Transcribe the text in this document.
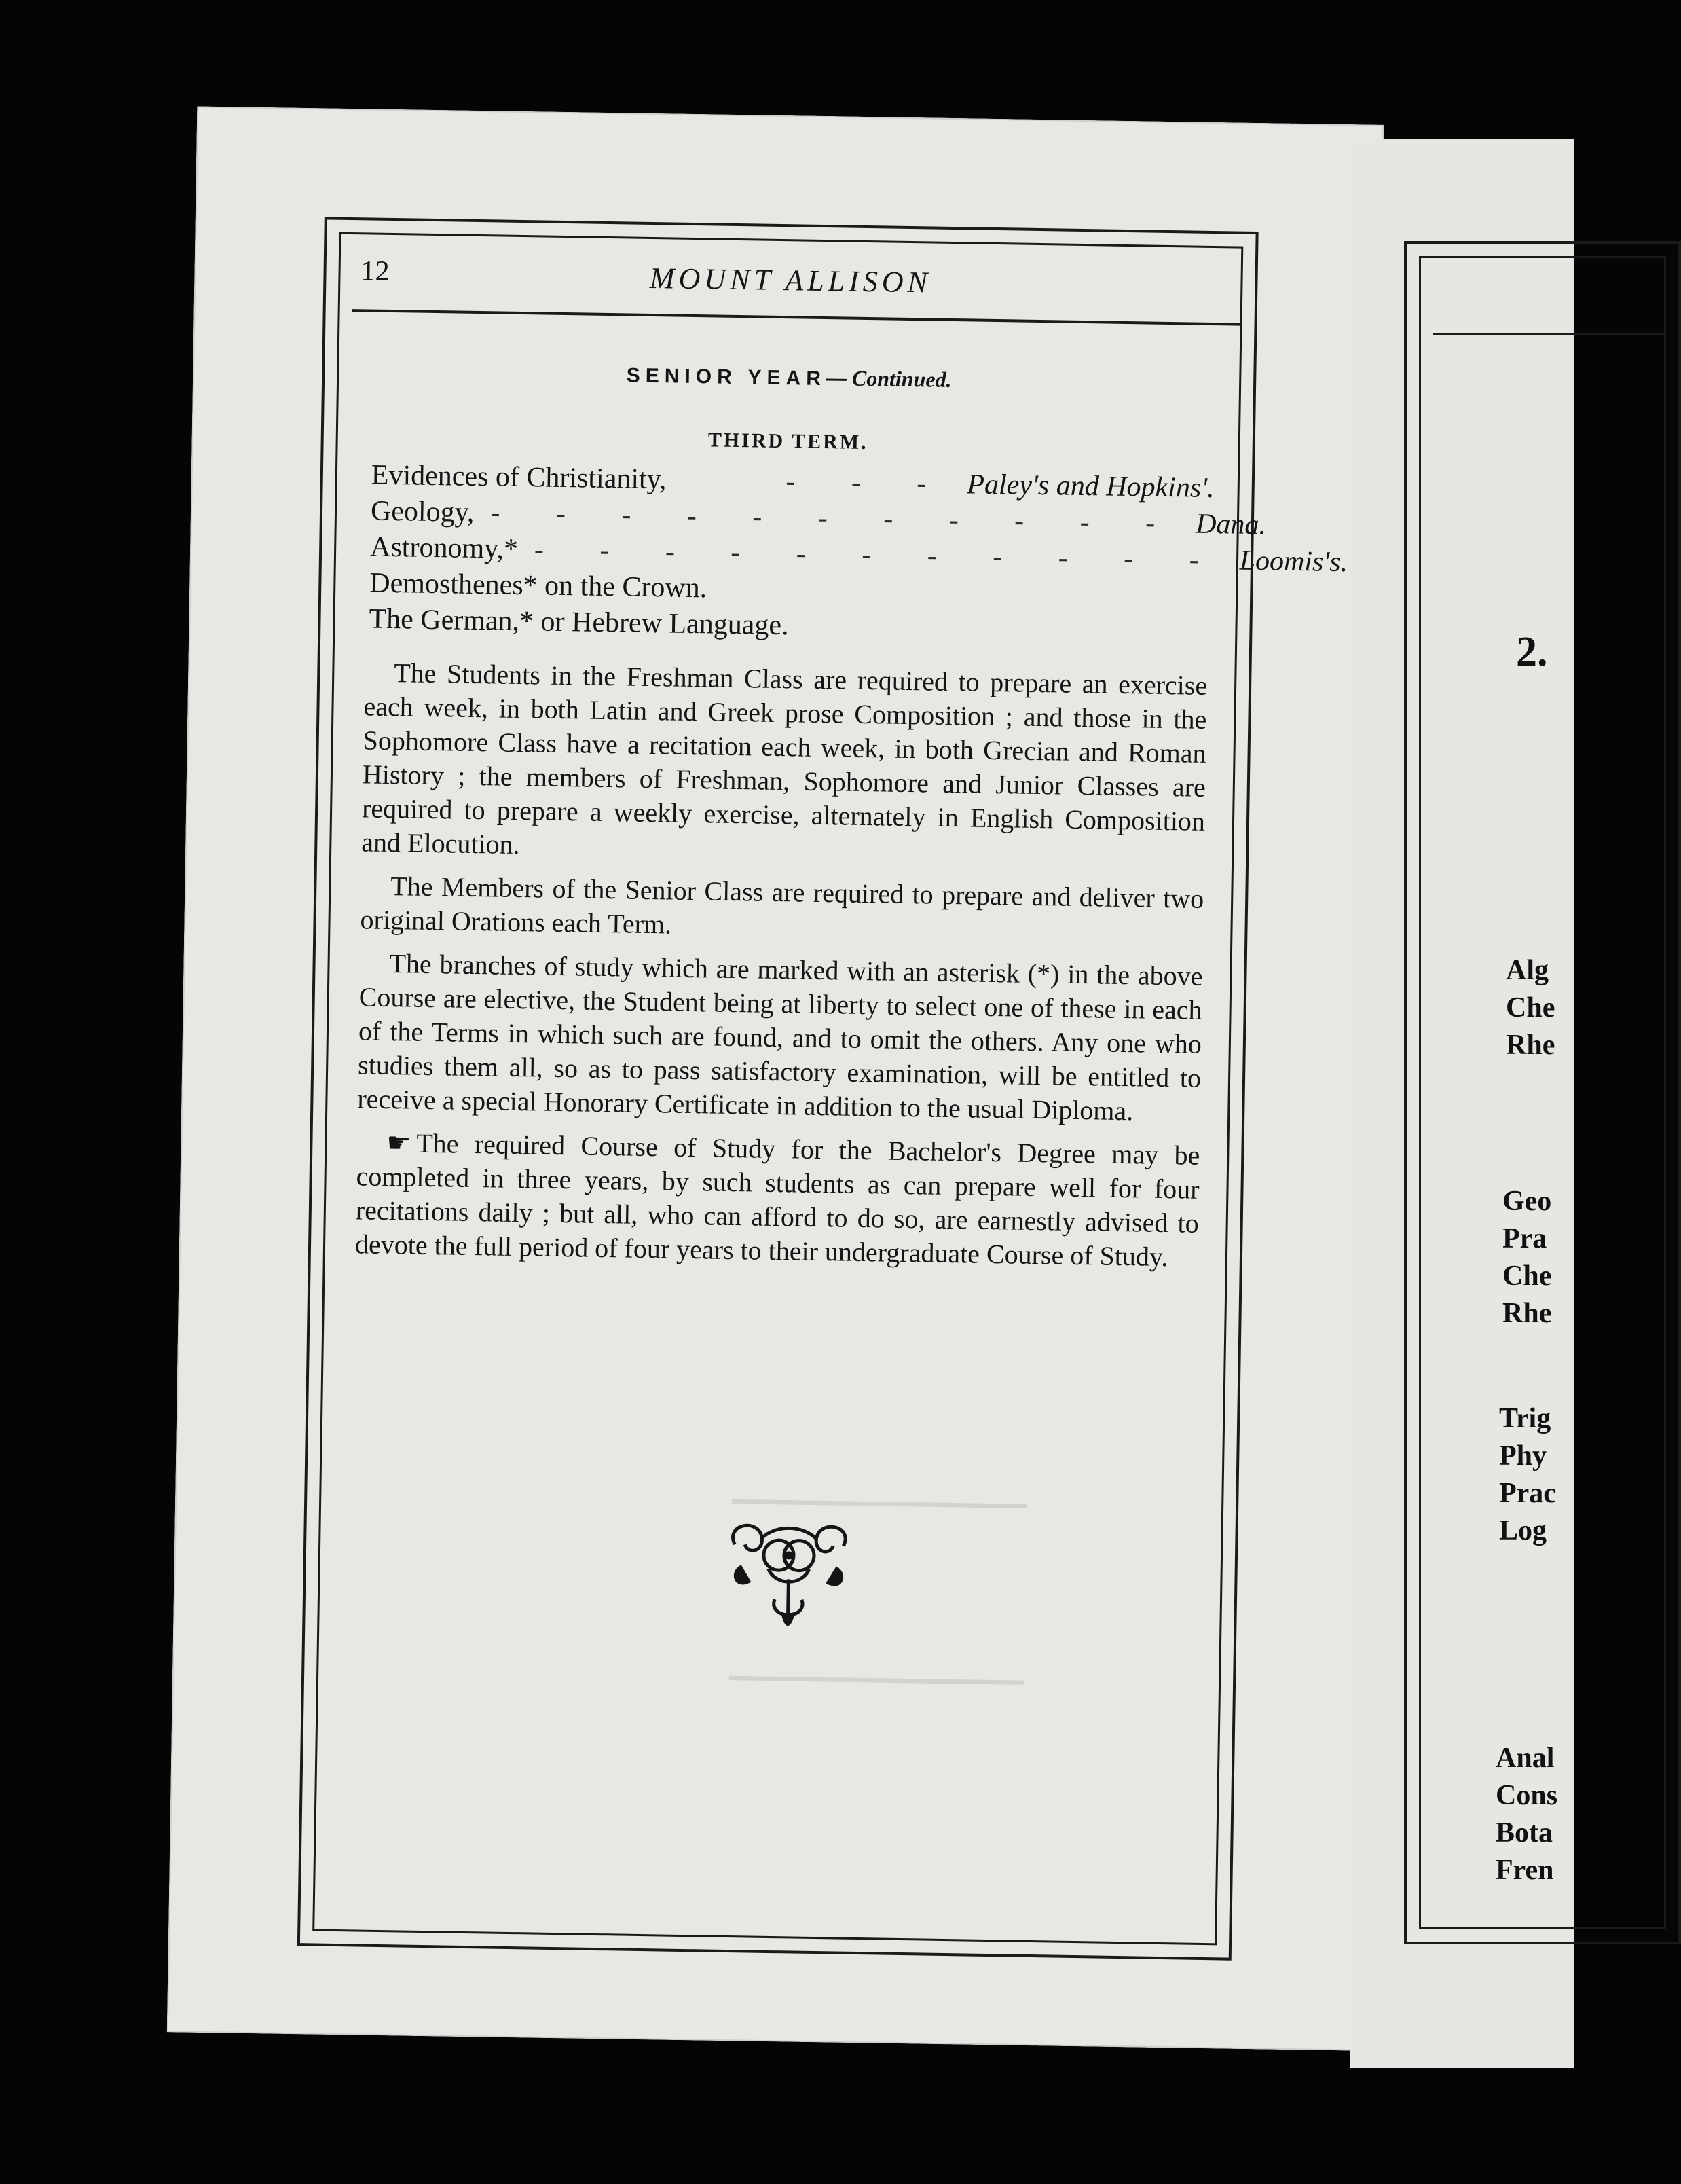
━━━━━━━━━━━━━━━━━━━
━━━━━━━━━━━━━━━━━━━
12	MOUNT ALLISON
SENIOR YEAR—Continued.
THIRD TERM.
Evidences of Christianity,	- - - Paley's and Hopkins'.
Geology, - - - - - - - - - - - Dana.
Astronomy,* - - - - - - - - - - - Loomis's.
Demosthenes* on the Crown.
The German,* or Hebrew Language.

The Students in the Freshman Class are required to prepare an exercise each week, in both Latin and Greek prose Composition ; and those in the Sophomore Class have a recitation each week, in both Grecian and Roman History ; the members of Freshman, Sophomore and Junior Classes are required to prepare a weekly exercise, alternately in English Composition and Elocution.

The Members of the Senior Class are required to prepare and deliver two original Orations each Term.

The branches of study which are marked with an asterisk (*) in the above Course are elective, the Student being at liberty to select one of these in each of the Terms in which such are found, and to omit the others. Any one who studies them all, so as to pass satisfactory examination, will be entitled to receive a special Honorary Certificate in addition to the usual Diploma.

☛ The required Course of Study for the Bachelor's Degree may be completed in three years, by such students as can prepare well for four recitations daily ; but all, who can afford to do so, are earnestly advised to devote the full period of four years to their undergraduate Course of Study.

2.
Alg
Che
Rhe
Geo
Pra
Che
Rhe
Trig
Phy
Prac
Log
Anal
Cons
Bota
Fren
